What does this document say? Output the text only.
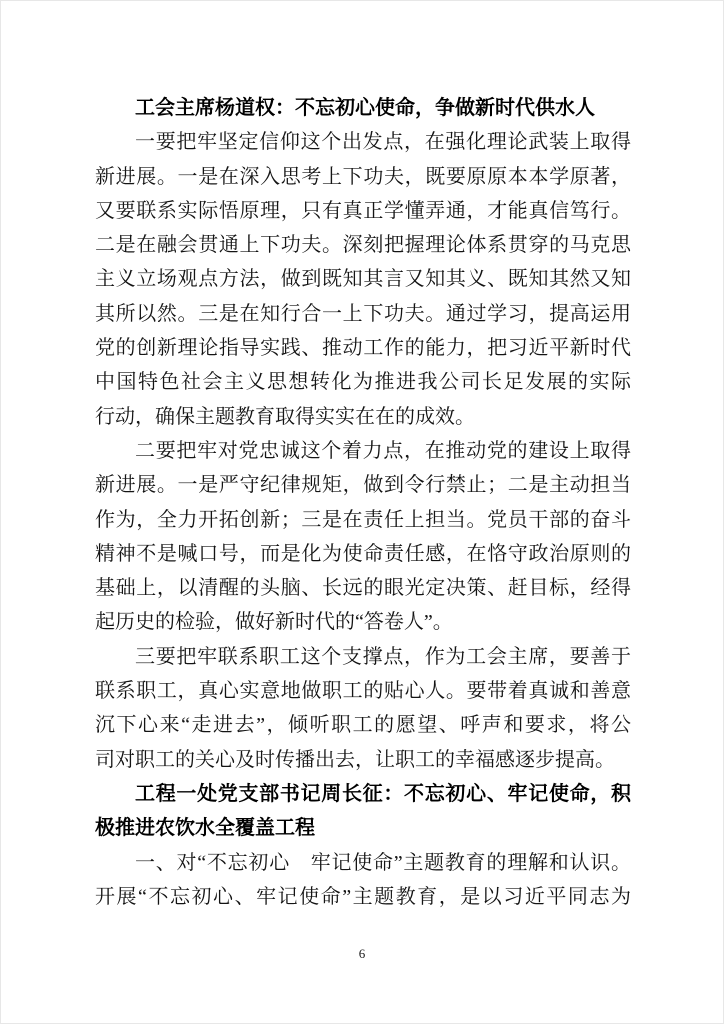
工会主席杨道权：不忘初心使命，争做新时代供水人
一要把牢坚定信仰这个出发点，在强化理论武装上取得
新进展。一是在深入思考上下功夫，既要原原本本学原著，
又要联系实际悟原理，只有真正学懂弄通，才能真信笃行。
二是在融会贯通上下功夫。深刻把握理论体系贯穿的马克思
主义立场观点方法，做到既知其言又知其义、既知其然又知
其所以然。三是在知行合一上下功夫。通过学习，提高运用
党的创新理论指导实践、推动工作的能力，把习近平新时代
中国特色社会主义思想转化为推进我公司长足发展的实际
行动，确保主题教育取得实实在在的成效。
二要把牢对党忠诚这个着力点，在推动党的建设上取得
新进展。一是严守纪律规矩，做到令行禁止；二是主动担当
作为，全力开拓创新；三是在责任上担当。党员干部的奋斗
精神不是喊口号，而是化为使命责任感，在恪守政治原则的
基础上，以清醒的头脑、长远的眼光定决策、赶目标，经得
起历史的检验，做好新时代的“答卷人”。
三要把牢联系职工这个支撑点，作为工会主席，要善于
联系职工，真心实意地做职工的贴心人。要带着真诚和善意
沉下心来“走进去”，倾听职工的愿望、呼声和要求，将公
司对职工的关心及时传播出去，让职工的幸福感逐步提高。
工程一处党支部书记周长征：不忘初心、牢记使命，积
极推进农饮水全覆盖工程
一、对“不忘初心　牢记使命”主题教育的理解和认识。
开展“不忘初心、牢记使命”主题教育，是以习近平同志为
6
